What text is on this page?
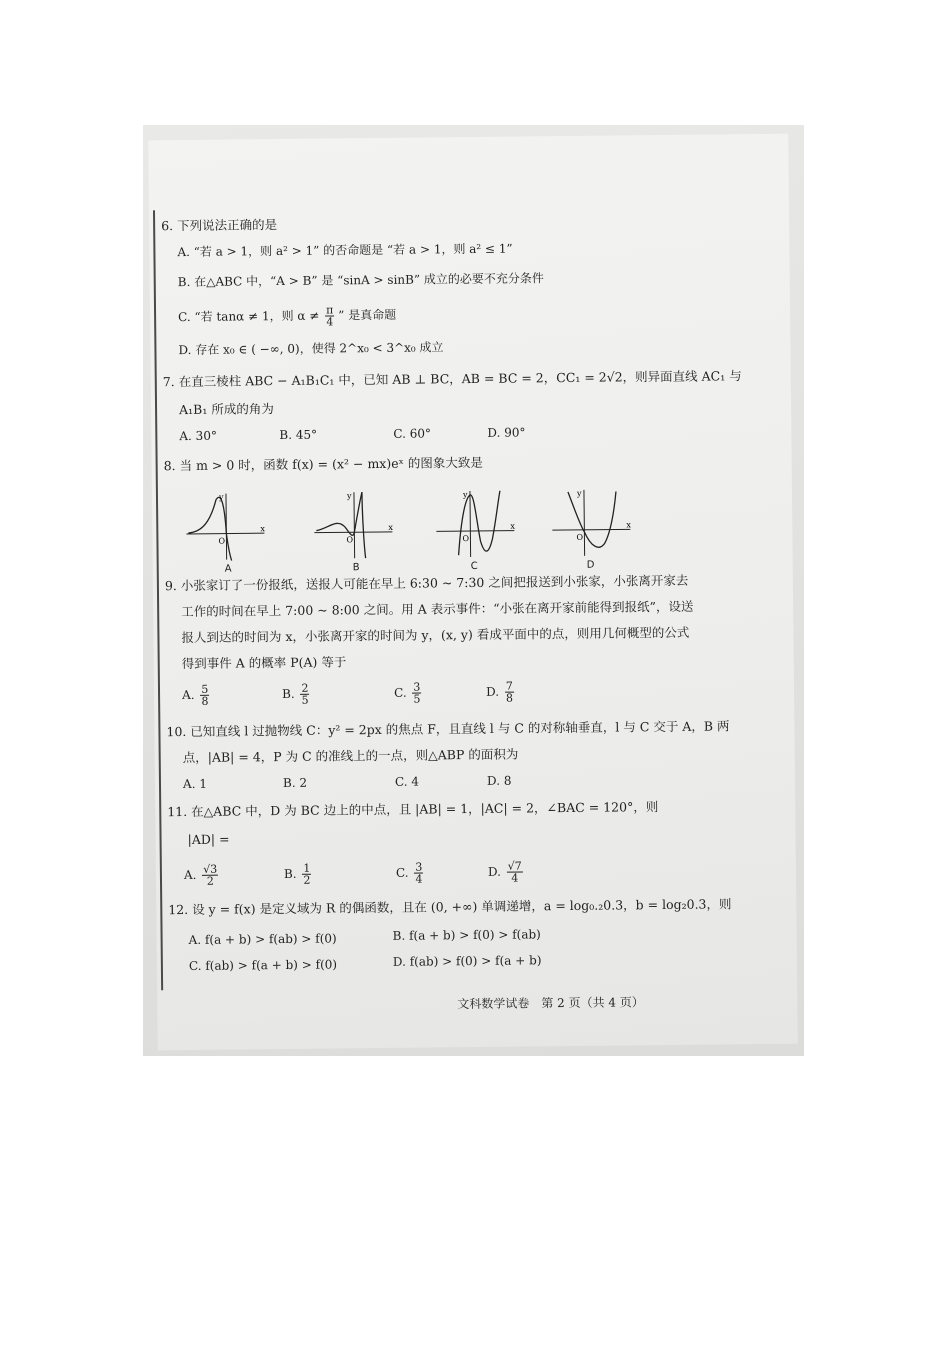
6. 下列说法正确的是
A. “若 a > 1，则 a² > 1” 的否命题是 “若 a > 1，则 a² ≤ 1”
B. 在△ABC 中，“A > B” 是 “sinA > sinB” 成立的必要不充分条件
C. “若 tanα ≠ 1，则 $\alpha \ne \frac{\pi}{4}$ ” 是真命题
D. 存在 x₀ ∈ ( −∞, 0)，使得 2^x₀ < 3^x₀ 成立
7. 在直三棱柱 ABC − A₁B₁C₁ 中，已知 AB ⊥ BC，AB = BC = 2，CC₁ = 2√2，则异面直线 AC₁ 与
A₁B₁ 所成的角为
A. 30°	B. 45°	C. 60°	D. 90°
8. 当 m > 0 时，函数 f(x) = (x² − mx)eˣ 的图象大致是
x
y
O
x
y
O
x
y
O
x
y
O
A	B	C	D
9. 小张家订了一份报纸，送报人可能在早上 6:30 ~ 7:30 之间把报送到小张家，小张离开家去
工作的时间在早上 7:00 ~ 8:00 之间。用 A 表示事件：“小张在离开家前能得到报纸”，设送
报人到达的时间为 x，小张离开家的时间为 y，(x, y) 看成平面中的点，则用几何概型的公式
得到事件 A 的概率 P(A) 等于
A. $\frac{5}{8}$	B. $\frac{2}{5}$	C. $\frac{3}{5}$	D. $\frac{7}{8}$
10. 已知直线 l 过抛物线 C：y² = 2px 的焦点 F，且直线 l 与 C 的对称轴垂直，l 与 C 交于 A，B 两
点，|AB| = 4，P 为 C 的准线上的一点，则△ABP 的面积为
A. 1	B. 2	C. 4	D. 8
11. 在△ABC 中，D 为 BC 边上的中点，且 |AB| = 1，|AC| = 2，∠BAC = 120°，则
|AD| =
A. $\frac{√3}{2}$	B. $\frac{1}{2}$	C. $\frac{3}{4}$	D. $\frac{√7}{4}$
12. 设 y = f(x) 是定义域为 R 的偶函数，且在 (0, +∞) 单调递增，a = log₀.₂0.3，b = log₂0.3，则
A. f(a + b) > f(ab) > f(0)	B. f(a + b) > f(0) > f(ab)
C. f(ab) > f(a + b) > f(0)	D. f(ab) > f(0) > f(a + b)
文科数学试卷　第 2 页（共 4 页）
